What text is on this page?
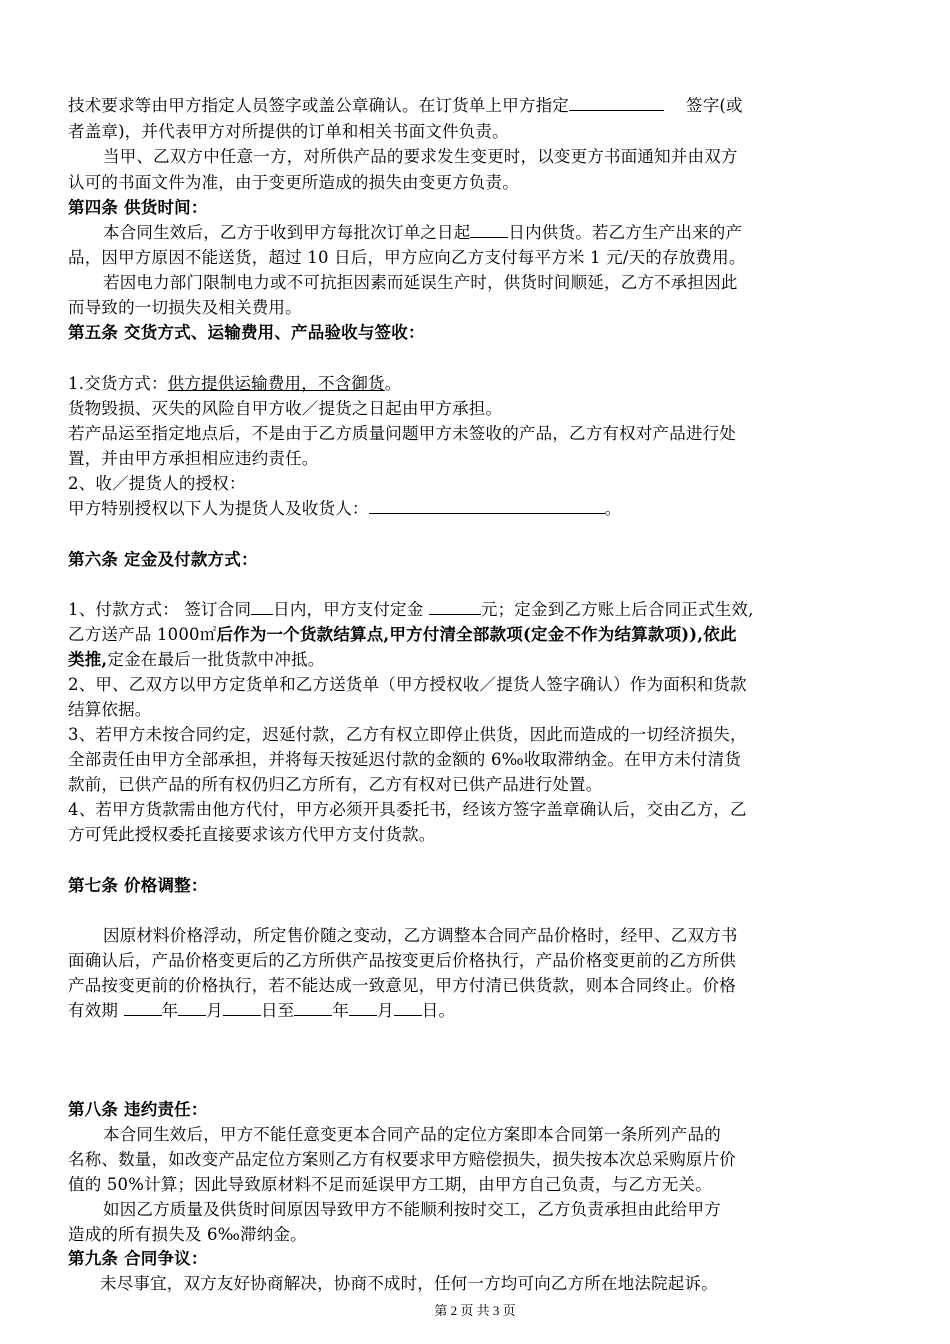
技术要求等由甲方指定人员签字或盖公章确认。在订货单上甲方指定	签字(或
者盖章)，并代表甲方对所提供的订单和相关书面文件负责。
当甲、乙双方中任意一方，对所供产品的要求发生变更时，以变更方书面通知并由双方
认可的书面文件为准，由于变更所造成的损失由变更方负责。
第四条 供货时间：
本合同生效后，乙方于收到甲方每批次订单之日起 日内供货。若乙方生产出来的产
品，因甲方原因不能送货，超过 10 日后，甲方应向乙方支付每平方米 1 元/天的存放费用。
若因电力部门限制电力或不可抗拒因素而延误生产时，供货时间顺延，乙方不承担因此
而导致的一切损失及相关费用。
第五条 交货方式、运输费用、产品验收与签收：
1.交货方式：供方提供运输费用，不含御货。
货物毁损、灭失的风险自甲方收／提货之日起由甲方承担。
若产品运至指定地点后，不是由于乙方质量问题甲方未签收的产品，乙方有权对产品进行处
置，并由甲方承担相应违约责任。
2、收／提货人的授权：
甲方特别授权以下人为提货人及收货人：	。
第六条 定金及付款方式：
1、付款方式： 签订合同 日内，甲方支付定金	元；定金到乙方账上后合同正式生效,
乙方送产品 1000㎡后作为一个货款结算点,甲方付清全部款项(定金不作为结算款项)),依此
类推,定金在最后一批货款中冲抵。
2、甲、乙双方以甲方定货单和乙方送货单（甲方授权收／提货人签字确认）作为面积和货款
结算依据。
3、若甲方未按合同约定，迟延付款，乙方有权立即停止供货，因此而造成的一切经济损失，
全部责任由甲方全部承担，并将每天按延迟付款的金额的 6‰收取滞纳金。在甲方未付清货
款前，已供产品的所有权仍归乙方所有，乙方有权对已供产品进行处置。
4、若甲方货款需由他方代付，甲方必须开具委托书，经该方签字盖章确认后，交由乙方，乙
方可凭此授权委托直接要求该方代甲方支付货款。
第七条 价格调整：
因原材料价格浮动，所定售价随之变动，乙方调整本合同产品价格时，经甲、乙双方书
面确认后，产品价格变更后的乙方所供产品按变更后价格执行，产品价格变更前的乙方所供
产品按变更前的价格执行，若不能达成一致意见，甲方付清已供货款，则本合同终止。价格
有效期 年 月 日至 年 月 日。
第八条 违约责任：
本合同生效后，甲方不能任意变更本合同产品的定位方案即本合同第一条所列产品的
名称、数量，如改变产品定位方案则乙方有权要求甲方赔偿损失，损失按本次总采购原片价
值的 50%计算；因此导致原材料不足而延误甲方工期，由甲方自己负责，与乙方无关。
如因乙方质量及供货时间原因导致甲方不能顺利按时交工，乙方负责承担由此给甲方
造成的所有损失及 6‰滞纳金。
第九条 合同争议：
未尽事宜，双方友好协商解决，协商不成时，任何一方均可向乙方所在地法院起诉。
第 2 页 共 3 页
